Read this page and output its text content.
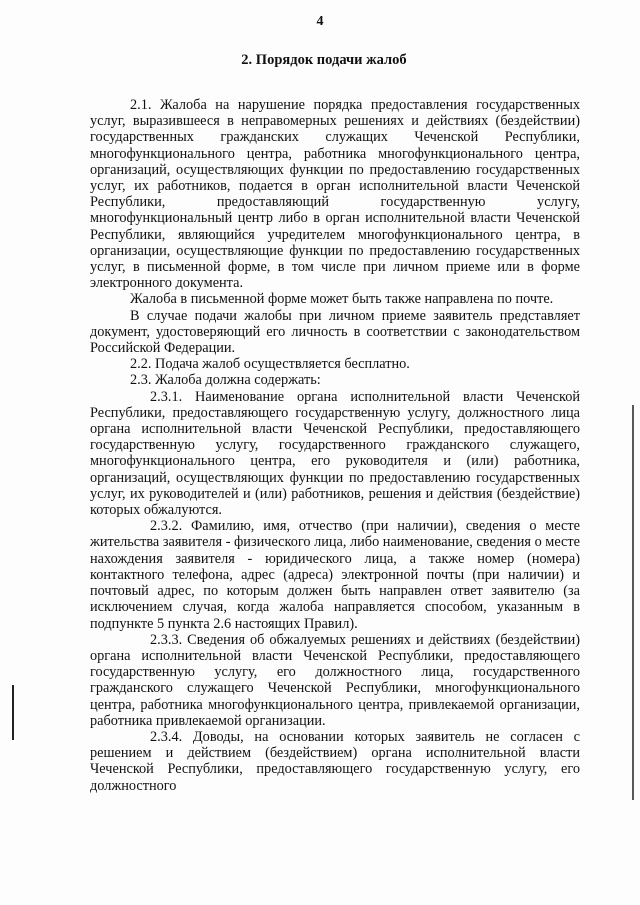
4
2. Порядок подачи жалоб

2.1. Жалоба на нарушение порядка предоставления государственных услуг, выразившееся в неправомерных решениях и действиях (бездействии) государственных гражданских служащих Чеченской Республики, многофункционального центра, работника многофункционального центра, организаций, осуществляющих функции по предоставлению государственных услуг, их работников, подается в орган исполнительной власти Чеченской Республики, предоставляющий государственную услугу, многофункциональный центр либо в орган исполнительной власти Чеченской Республики, являющийся учредителем многофункционального центра, в организации, осуществляющие функции по предоставлению государственных услуг, в письменной форме, в том числе при личном приеме или в форме электронного документа.

Жалоба в письменной форме может быть также направлена по почте.

В случае подачи жалобы при личном приеме заявитель представляет документ, удостоверяющий его личность в соответствии с законодательством Российской Федерации.

2.2. Подача жалоб осуществляется бесплатно.

2.3. Жалоба должна содержать:

2.3.1. Наименование органа исполнительной власти Чеченской Республики, предоставляющего государственную услугу, должностного лица органа исполнительной власти Чеченской Республики, предоставляющего государственную услугу, государственного гражданского служащего, многофункционального центра, его руководителя и (или) работника, организаций, осуществляющих функции по предоставлению государственных услуг, их руководителей и (или) работников, решения и действия (бездействие) которых обжалуются.

2.3.2. Фамилию, имя, отчество (при наличии), сведения о месте жительства заявителя - физического лица, либо наименование, сведения о месте нахождения заявителя - юридического лица, а также номер (номера) контактного телефона, адрес (адреса) электронной почты (при наличии) и почтовый адрес, по которым должен быть направлен ответ заявителю (за исключением случая, когда жалоба направляется способом, указанным в подпункте 5 пункта 2.6 настоящих Правил).

2.3.3. Сведения об обжалуемых решениях и действиях (бездействии) органа исполнительной власти Чеченской Республики, предоставляющего государственную услугу, его должностного лица, государственного гражданского служащего Чеченской Республики, многофункционального центра, работника многофункционального центра, привлекаемой организации, работника привлекаемой организации.

2.3.4. Доводы, на основании которых заявитель не согласен с решением и действием (бездействием) органа исполнительной власти Чеченской Республики, предоставляющего государственную услугу, его должностного
